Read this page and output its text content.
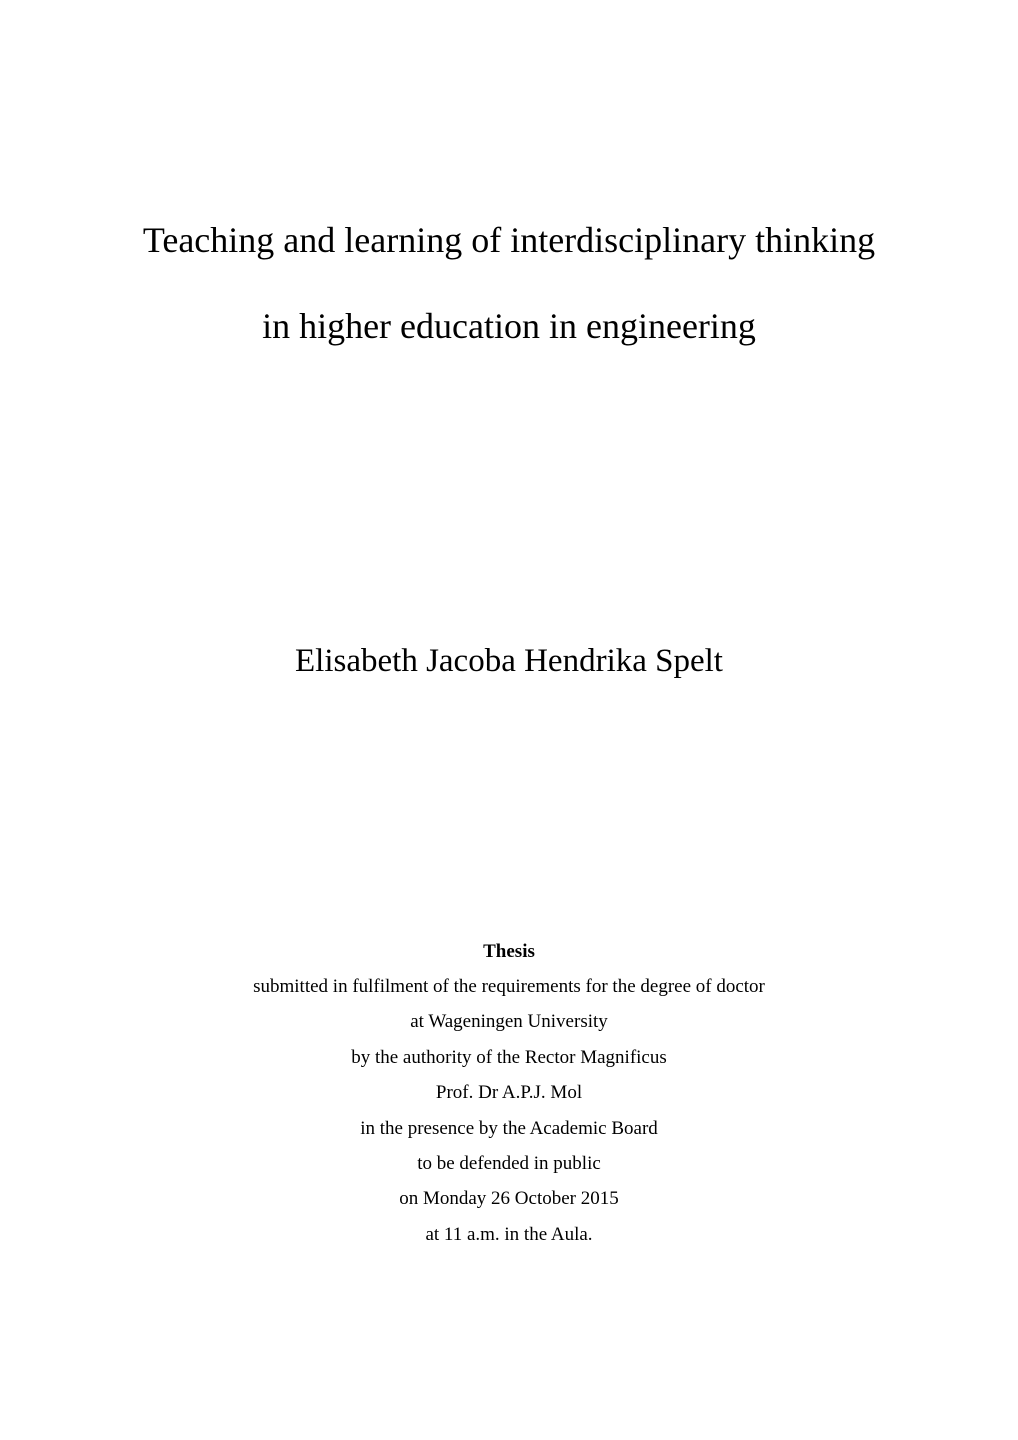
Teaching and learning of interdisciplinary thinking
in higher education in engineering
Elisabeth Jacoba Hendrika Spelt
Thesis
submitted in fulfilment of the requirements for the degree of doctor
at Wageningen University
by the authority of the Rector Magnificus
Prof. Dr A.P.J. Mol
in the presence by the Academic Board
to be defended in public
on Monday 26 October 2015
at 11 a.m. in the Aula.
